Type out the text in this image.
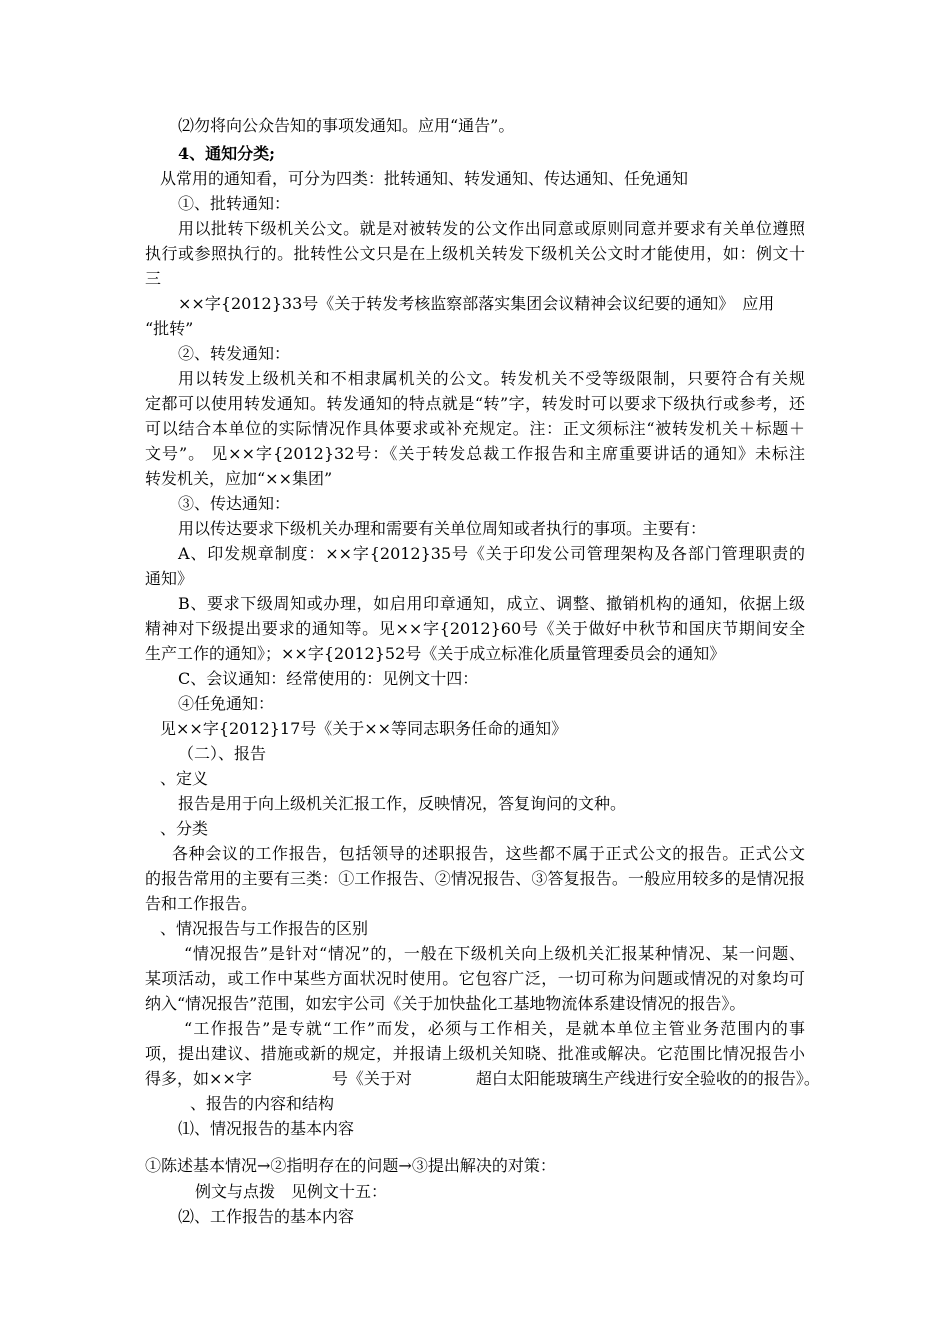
⑵勿将向公众告知的事项发通知。应用“通告”。
4、通知分类;
从常用的通知看，可分为四类：批转通知、转发通知、传达通知、任免通知
①、批转通知：
用以批转下级机关公文。就是对被转发的公文作出同意或原则同意并要求有关单位遵照
执行或参照执行的。批转性公文只是在上级机关转发下级机关公文时才能使用，如：例文十
三
××字{2012}33号《关于转发考核监察部落实集团会议精神会议纪要的通知》　应用
“批转”
②、转发通知：
用以转发上级机关和不相隶属机关的公文。转发机关不受等级限制，只要符合有关规
定都可以使用转发通知。转发通知的特点就是“转”字，转发时可以要求下级执行或参考，还
可以结合本单位的实际情况作具体要求或补充规定。注：正文须标注“被转发机关＋标题＋
文号”。 见××字{2012}32号：《关于转发总裁工作报告和主席重要讲话的通知》未标注
转发机关，应加“××集团”
③、传达通知：
用以传达要求下级机关办理和需要有关单位周知或者执行的事项。主要有：
A、印发规章制度：××字{2012}35号《关于印发公司管理架构及各部门管理职责的
通知》
B、要求下级周知或办理，如启用印章通知，成立、调整、撤销机构的通知，依据上级
精神对下级提出要求的通知等。见××字{2012}60号《关于做好中秋节和国庆节期间安全
生产工作的通知》；××字{2012}52号《关于成立标准化质量管理委员会的通知》
C、会议通知：经常使用的：见例文十四：
④任免通知：
见××字{2012}17号《关于××等同志职务任命的通知》
（二）、报告
、定义
报告是用于向上级机关汇报工作，反映情况，答复询问的文种。
、分类
各种会议的工作报告，包括领导的述职报告，这些都不属于正式公文的报告。正式公文
的报告常用的主要有三类：①工作报告、②情况报告、③答复报告。一般应用较多的是情况报
告和工作报告。
、情况报告与工作报告的区别
“情况报告”是针对“情况”的，一般在下级机关向上级机关汇报某种情况、某一问题、
某项活动，或工作中某些方面状况时使用。它包容广泛，一切可称为问题或情况的对象均可
纳入“情况报告”范围，如宏宇公司《关于加快盐化工基地物流体系建设情况的报告》。
“工作报告”是专就“工作”而发，必须与工作相关，是就本单位主管业务范围内的事
项，提出建议、措施或新的规定，并报请上级机关知晓、批准或解决。它范围比情况报告小
得多，如××字　　　　　号《关于对　　　　超白太阳能玻璃生产线进行安全验收的的报告》。
、报告的内容和结构
⑴、情况报告的基本内容
①陈述基本情况→②指明存在的问题→③提出解决的对策：
例文与点拨　见例文十五：
⑵、工作报告的基本内容
